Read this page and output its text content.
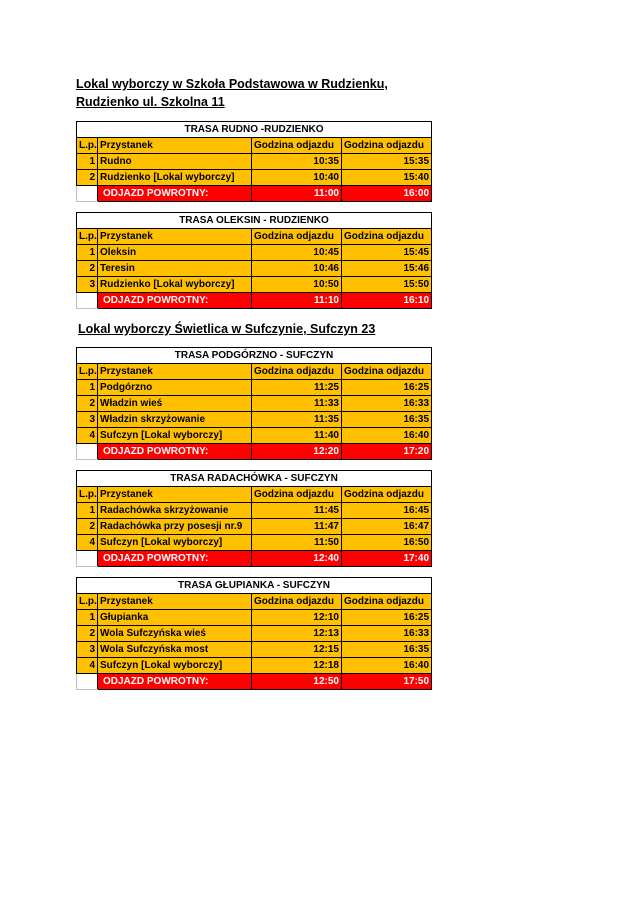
Lokal wyborczy w Szkoła Podstawowa w Rudzienku,
Rudzienko ul. Szkolna 11
TRASA RUDNO -RUDZIENKO			
L.p.	Przystanek	Godzina odjazdu	Godzina odjazdu
1	Rudno	10:35	15:35
2	Rudzienko [Lokal wyborczy]	10:40	15:40
	ODJAZD POWROTNY:	11:00	16:00
TRASA OLEKSIN - RUDZIENKO			
L.p.	Przystanek	Godzina odjazdu	Godzina odjazdu
1	Oleksin	10:45	15:45
2	Teresin	10:46	15:46
3	Rudzienko [Lokal wyborczy]	10:50	15:50
	ODJAZD POWROTNY:	11:10	16:10
Lokal wyborczy Świetlica w Sufczynie, Sufczyn 23
TRASA PODGÓRZNO - SUFCZYN			
L.p.	Przystanek	Godzina odjazdu	Godzina odjazdu
1	Podgórzno	11:25	16:25
2	Władzin wieś	11:33	16:33
3	Władzin skrzyżowanie	11:35	16:35
4	Sufczyn [Lokal wyborczy]	11:40	16:40
	ODJAZD POWROTNY:	12:20	17:20
TRASA RADACHÓWKA - SUFCZYN			
L.p.	Przystanek	Godzina odjazdu	Godzina odjazdu
1	Radachówka skrzyżowanie	11:45	16:45
2	Radachówka przy posesji nr.9	11:47	16:47
4	Sufczyn [Lokal wyborczy]	11:50	16:50
	ODJAZD POWROTNY:	12:40	17:40
TRASA GŁUPIANKA - SUFCZYN			
L.p.	Przystanek	Godzina odjazdu	Godzina odjazdu
1	Głupianka	12:10	16:25
2	Wola Sufczyńska wieś	12:13	16:33
3	Wola Sufczyńska most	12:15	16:35
4	Sufczyn [Lokal wyborczy]	12:18	16:40
	ODJAZD POWROTNY:	12:50	17:50
